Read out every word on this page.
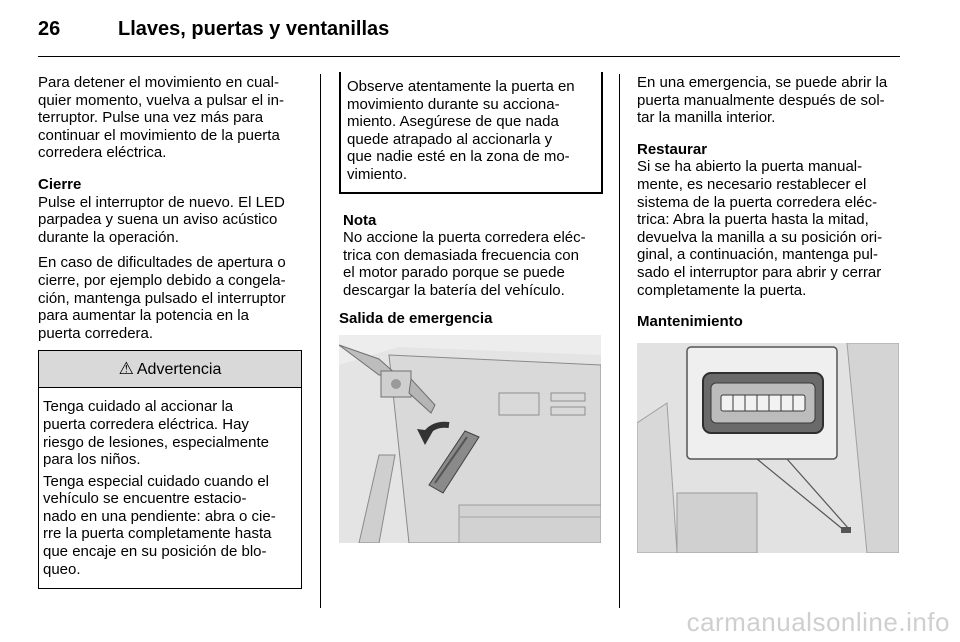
26	Llaves, puertas y ventanillas
Para detener el movimiento en cual-
quier momento, vuelva a pulsar el in-
terruptor. Pulse una vez más para
continuar el movimiento de la puerta
corredera eléctrica.
Cierre
Pulse el interruptor de nuevo. El LED
parpadea y suena un aviso acústico
durante la operación.
En caso de dificultades de apertura o
cierre, por ejemplo debido a congela-
ción, mantenga pulsado el interruptor
para aumentar la potencia en la
puerta corredera.
⚠ Advertencia

Tenga cuidado al accionar la
puerta corredera eléctrica. Hay
riesgo de lesiones, especialmente
para los niños.

Tenga especial cuidado cuando el
vehículo se encuentre estacio-
nado en una pendiente: abra o cie-
rre la puerta completamente hasta
que encaje en su posición de blo-
queo.

Observe atentamente la puerta en
movimiento durante su acciona-
miento. Asegúrese de que nada
quede atrapado al accionarla y
que nadie esté en la zona de mo-
vimiento.
Nota
No accione la puerta corredera eléc-
trica con demasiada frecuencia con
el motor parado porque se puede
descargar la batería del vehículo.
Salida de emergencia
En una emergencia, se puede abrir la
puerta manualmente después de sol-
tar la manilla interior.
Restaurar
Si se ha abierto la puerta manual-
mente, es necesario restablecer el
sistema de la puerta corredera eléc-
trica: Abra la puerta hasta la mitad,
devuelva la manilla a su posición ori-
ginal, a continuación, mantenga pul-
sado el interruptor para abrir y cerrar
completamente la puerta.
Mantenimiento
carmanualsonline.info
